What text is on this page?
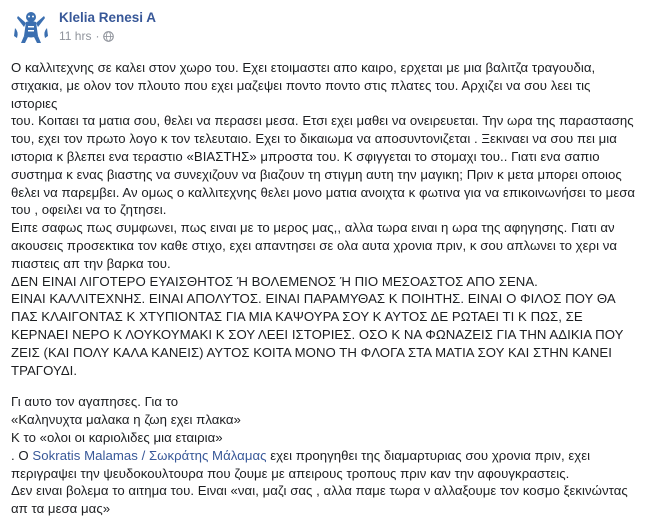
Klelia Renesi A
11 hrs ·

Ο καλλιτεχνης σε καλει στον χωρο του. Εχει ετοιμαστει απο καιρο, ερχεται με μια βαλιτζα τραγουδια,
στιχακια, με ολον τον πλουτο που εχει μαζεψει ποντο ποντο στις πλατες του. Αρχιζει να σου λεει τις ιστοριες
του. Κοιταει τα ματια σου, θελει να περασει μεσα. Ετσι εχει μαθει να ονειρευεται. Την ωρα της παραστασης
του, εχει τον πρωτο λογο κ τον τελευταιο. Εχει το δικαιωμα να αποσυντονιζεται . Ξεκιναει να σου πει μια
ιστορια κ βλεπει ενα τεραστιο «ΒΙΑΣΤΗΣ» μπροστα του. Κ σφιγγεται το στομαχι του.. Γιατι ενα σαπιο
συστημα κ ενας βιαστης να συνεχιζουν να βιαζουν τη στιγμη αυτη την μαγικη; Πριν κ μετα μπορει οποιος
θελει να παρεμβει. Αν ομως ο καλλιτεχνης θελει μονο ματια ανοιχτα κ φωτινα για να επικοινωνήσει το μεσα
του , οφειλει να το ζητησει.
Ειπε σαφως πως συμφωνει, πως ειναι με το μερος μας,, αλλα τωρα ειναι η ωρα της αφηγησης. Γιατι αν
ακουσεις προσεκτικα τον καθε στιχο, εχει απαντησει σε ολα αυτα χρονια πριν, κ σου απλωνει το χερι να
πιαστεις απ την βαρκα του.
ΔΕΝ ΕΙΝΑΙ ΛΙΓΟΤΕΡΟ ΕΥΑΙΣΘΗΤΟΣ Ή ΒΟΛΕΜΕΝΟΣ Ή ΠΙΟ ΜΕΣΟΑΣΤΟΣ ΑΠΟ ΣΕΝΑ.
ΕΙΝΑΙ ΚΑΛΛΙΤΕΧΝΗΣ. ΕΙΝΑΙ ΑΠΟΛΥΤΟΣ. ΕΙΝΑΙ ΠΑΡΑΜΥΘΑΣ Κ ΠΟΙΗΤΗΣ. ΕΙΝΑΙ Ο ΦΙΛΟΣ ΠΟΥ ΘΑ
ΠΑΣ ΚΛΑΙΓΟΝΤΑΣ Κ ΧΤΥΠΙΟΝΤΑΣ ΓΙΑ ΜΙΑ ΚΑΨΟΥΡΑ ΣΟΥ Κ ΑΥΤΟΣ ΔΕ ΡΩΤΑΕΙ ΤΙ Κ ΠΩΣ, ΣΕ
ΚΕΡΝΑΕΙ ΝΕΡΟ Κ ΛΟΥΚΟΥΜΑΚΙ Κ ΣΟΥ ΛΕΕΙ ΙΣΤΟΡΙΕΣ. ΟΣΟ Κ ΝΑ ΦΩΝΑΖΕΙΣ ΓΙΑ ΤΗΝ ΑΔΙΚΙΑ ΠΟΥ
ΖΕΙΣ (ΚΑΙ ΠΟΛΥ ΚΑΛΑ ΚΑΝΕΙΣ) ΑΥΤΟΣ ΚΟΙΤΑ ΜΟΝΟ ΤΗ ΦΛΟΓΑ ΣΤΑ ΜΑΤΙΑ ΣΟΥ ΚΑΙ ΣΤΗΝ ΚΑΝΕΙ
ΤΡΑΓΟΥΔΙ.

Γι αυτο τον αγαπησες. Για το
«Καληνυχτα μαλακα η ζωη εχει πλακα»
Κ το «ολοι οι καριολιδες μια εταιρια»
. Ο Sokratis Malamas / Σωκράτης Μάλαμας εχει προηγηθει της διαμαρτυριας σου χρονια πριν, εχει
περιγραψει την ψευδοκουλτουρα που ζουμε με απειρους τροπους πριν καν την αφουγκραστεις.
Δεν ειναι βολεμα το αιτημα του. Ειναι «ναι, μαζι σας , αλλα παμε τωρα ν αλλαξουμε τον κοσμο ξεκινώντας
απ τα μεσα μας»
